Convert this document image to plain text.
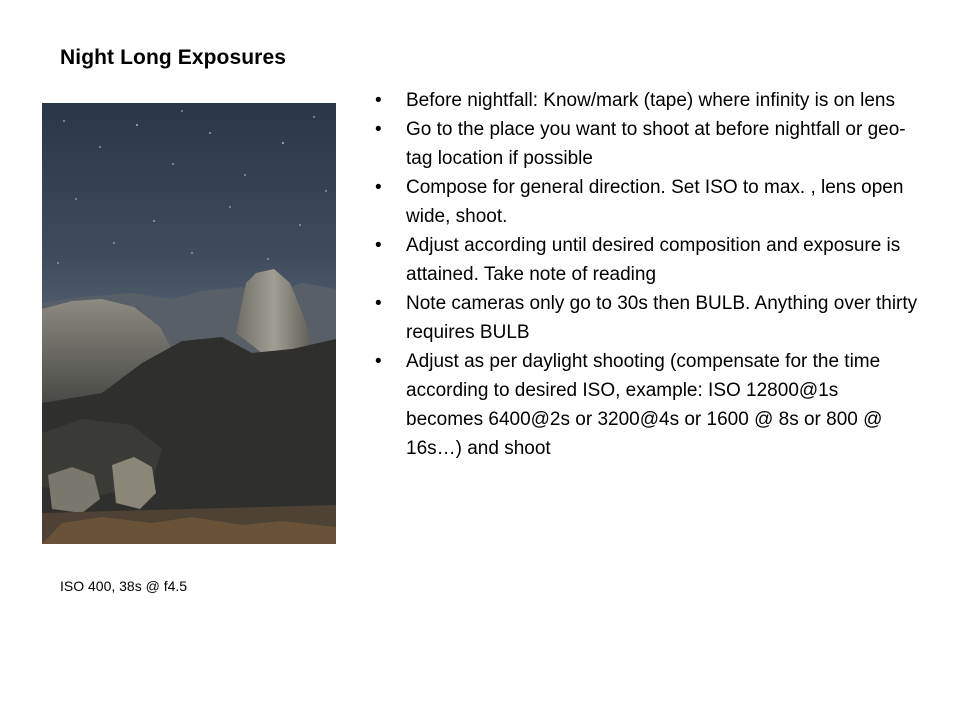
Night Long Exposures
ISO 400, 38s @ f4.5
• Before nightfall: Know/mark (tape) where infinity is on lens
• Go to the place you want to shoot at before nightfall or geo-tag location if possible
• Compose for general direction. Set ISO to max. , lens open wide, shoot.
• Adjust according until desired composition and exposure is attained. Take note of reading
• Note cameras only go to 30s then BULB. Anything over thirty requires BULB
• Adjust as per daylight shooting (compensate for the time according to desired ISO, example: ISO 12800@1s becomes 6400@2s or 3200@4s or 1600 @ 8s or 800 @ 16s…) and shoot
